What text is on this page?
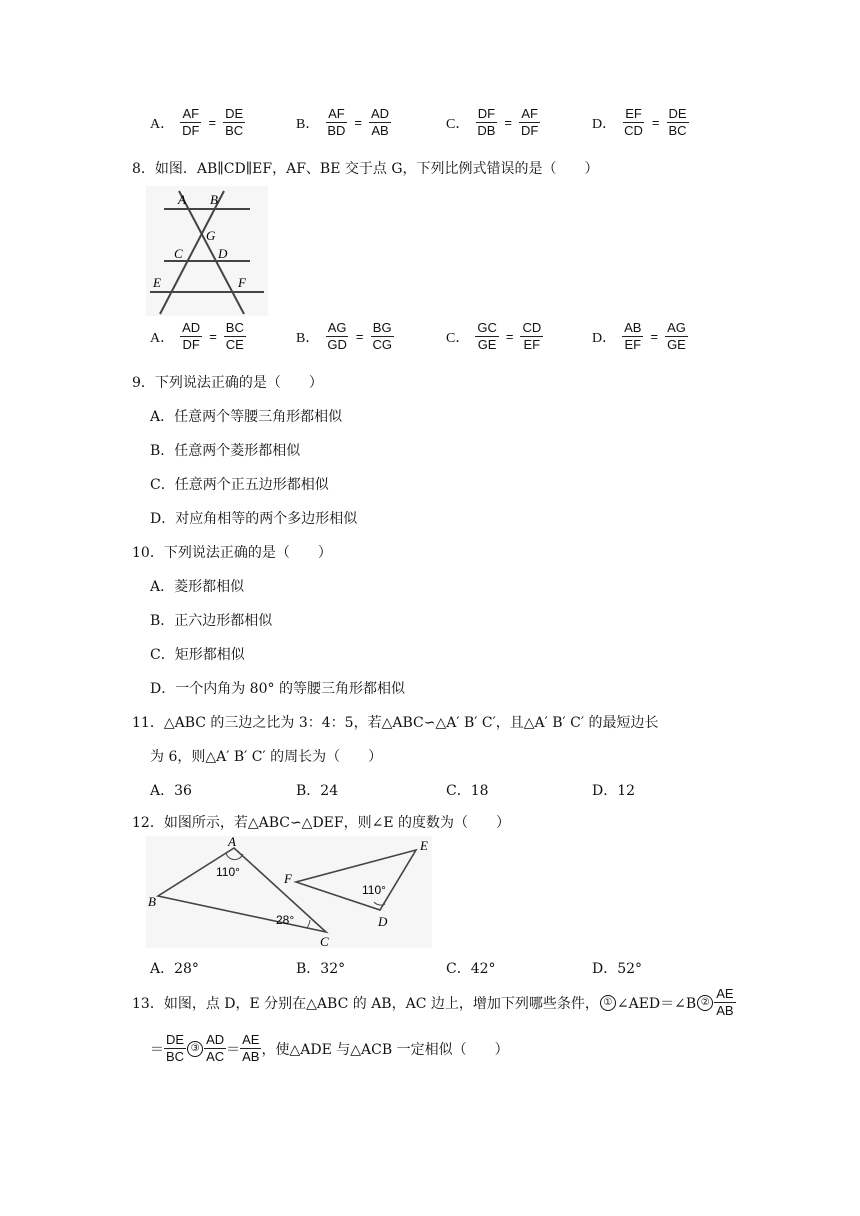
A． $\frac{AF}{DF} = \frac{DE}{BC}$	B． $\frac{AF}{BD} = \frac{AD}{AB}$	C． $\frac{DF}{DB} = \frac{AF}{DF}$	D． $\frac{EF}{CD} = \frac{DE}{BC}$
8．如图．AB∥CD∥EF，AF、BE 交于点 G，下列比例式错误的是（　　）
A B
G
C	D
E	F
A． $\frac{AD}{DF} = \frac{BC}{CE}$	B． $\frac{AG}{GD} = \frac{BG}{CG}$	C． $\frac{GC}{GE} = \frac{CD}{EF}$	D． $\frac{AB}{EF} = \frac{AG}{GE}$
9．下列说法正确的是（　　）
A．任意两个等腰三角形都相似
B．任意两个菱形都相似
C．任意两个正五边形都相似
D．对应角相等的两个多边形相似
10．下列说法正确的是（　　）
A．菱形都相似
B．正六边形都相似
C．矩形都相似
D．一个内角为 80° 的等腰三角形都相似
11．△ABC 的三边之比为 3：4：5，若△ABC∽△A′ B′ C′，且△A′ B′ C′ 的最短边长
为 6，则△A′ B′ C′ 的周长为（　　）
A．36	B．24	C．18	D．12
12．如图所示，若△ABC∽△DEF，则∠E 的度数为（　　）
A
B
C
110°
28°
F
E
D
110°
A．28°	B．32°	C．42°	D．52°
13．如图，点 D，E 分别在△ABC 的 AB，AC 边上，增加下列哪些条件， ① ∠AED＝∠B ② $\frac{AE}{AB}$
＝ $\frac{DE}{BC}$ ③ $\frac{AD}{AC} = \frac{AE}{AB}$ ，使△ADE 与△ACB 一定相似（　　）
